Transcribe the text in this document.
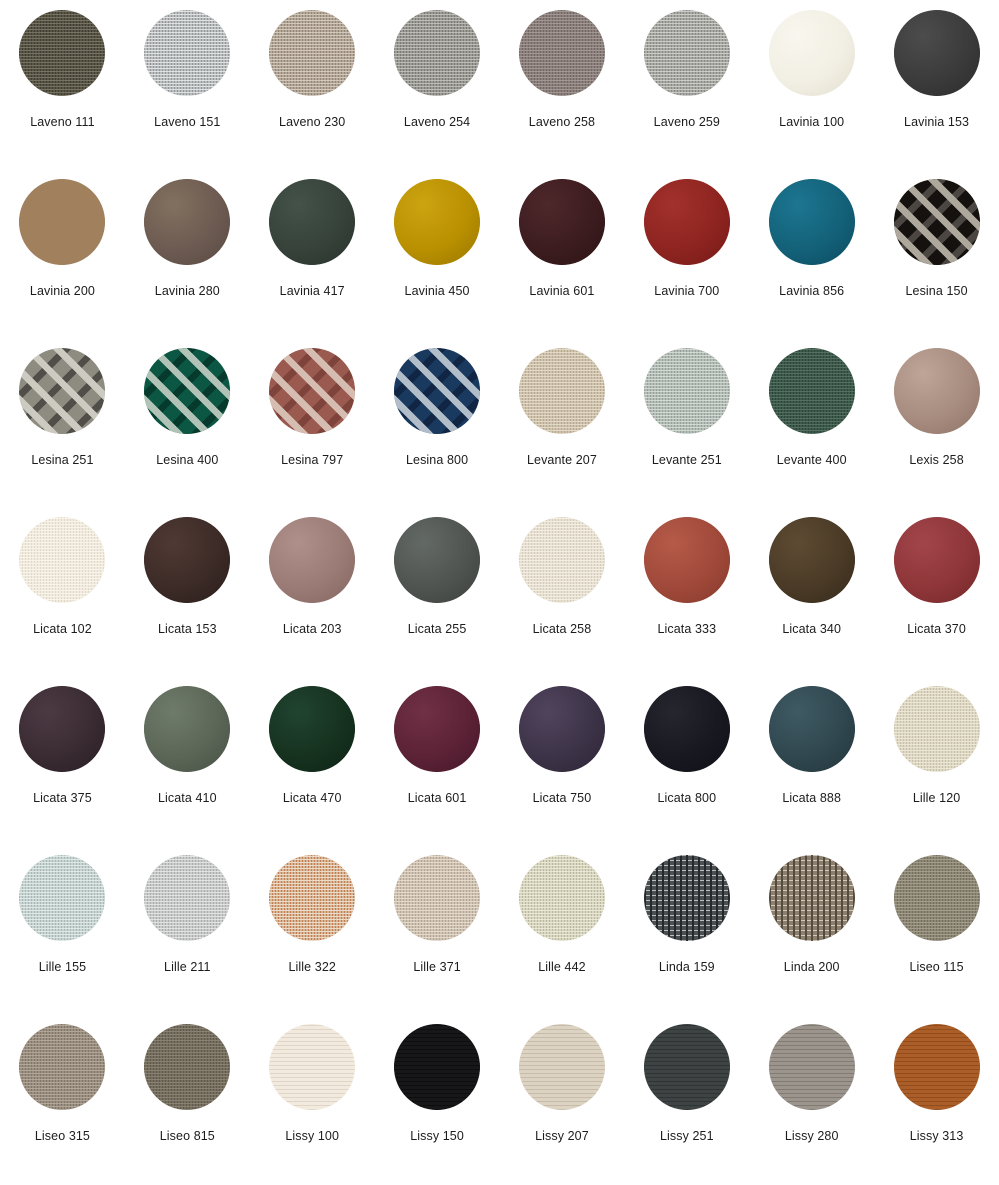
Laveno 111	Laveno 151	Laveno 230	Laveno 254	Laveno 258	Laveno 259	Lavinia 100	Lavinia 153
Lavinia 200	Lavinia 280	Lavinia 417	Lavinia 450	Lavinia 601	Lavinia 700	Lavinia 856	Lesina 150
Lesina 251	Lesina 400	Lesina 797	Lesina 800	Levante 207	Levante 251	Levante 400	Lexis 258
Licata 102	Licata 153	Licata 203	Licata 255	Licata 258	Licata 333	Licata 340	Licata 370
Licata 375	Licata 410	Licata 470	Licata 601	Licata 750	Licata 800	Licata 888	Lille 120
Lille 155	Lille 211	Lille 322	Lille 371	Lille 442	Linda 159	Linda 200	Liseo 115
Liseo 315	Liseo 815	Lissy 100	Lissy 150	Lissy 207	Lissy 251	Lissy 280	Lissy 313
